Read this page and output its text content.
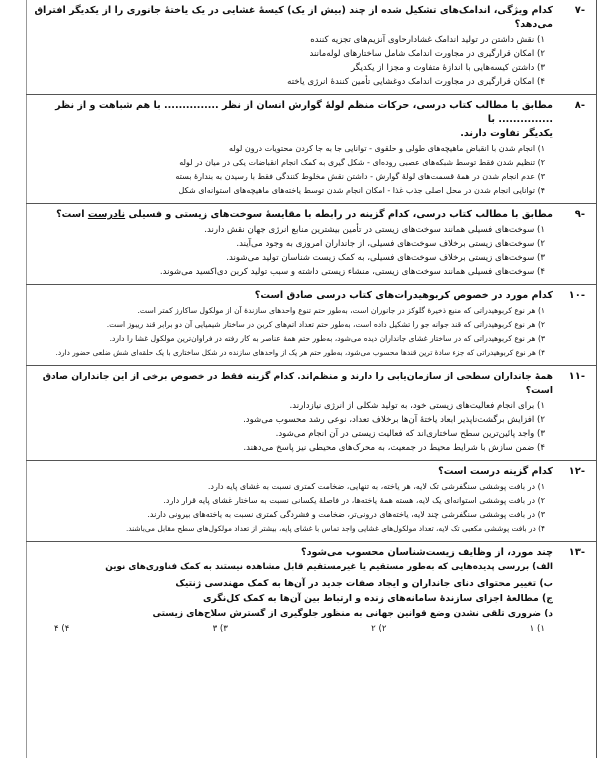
-۷
کدام ویژگی، اندامک‌های تشکیل شده از چند (بیش از یک) کیسهٔ غشایی در یک یاختهٔ جانوری را از یکدیگر افتراق می‌دهد؟
۱) نقش داشتن در تولید اندامک غشادارحاوی آنزیم‌های تجزیه کننده
۲) امکان قرارگیری در مجاورت اندامک شامل ساختارهای لوله‌مانند
۳) داشتن کیسه‌هایی با اندازهٔ متفاوت و مجزا از یکدیگر
۴) امکان قرارگیری در مجاورت اندامک دوغشایی تأمین کنندهٔ انرژی یاخته
-۸
مطابق با مطالب کتاب درسی، حرکات منظم لولهٔ گوارش انسان از نظر ............... با هم شباهت و از نظر ............... با
یکدیگر تفاوت دارند.
۱) انجام شدن با انقباض ماهیچه‌های طولی و حلقوی - توانایی جا به جا کردن محتویات درون لوله
۲) تنظیم شدن فقط توسط شبکه‌های عصبی روده‌ای - شکل گیری به کمک انجام انقباضات یکی در میان در لوله
۳) عدم انجام شدن در همهٔ قسمت‌های لولهٔ گوارش - داشتن نقش مخلوط کنندگی فقط با رسیدن به بندارهٔ بسته
۴) توانایی انجام شدن در محل اصلی جذب غذا - امکان انجام شدن توسط یاخته‌های ماهیچه‌های استوانه‌ای شکل
-۹
مطابق با مطالب کتاب درسی، کدام گزینه در رابطه با مقایسهٔ سوخت‌های زیستی و فسیلی نادرست است؟
۱) سوخت‌های فسیلی همانند سوخت‌های زیستی در تأمین بیشترین منابع انرژی جهان نقش دارند.
۲) سوخت‌های زیستی برخلاف سوخت‌های فسیلی، از جانداران امروزی به وجود می‌آیند.
۳) سوخت‌های زیستی برخلاف سوخت‌های فسیلی، به کمک زیست شناسان تولید می‌شوند.
۴) سوخت‌های فسیلی همانند سوخت‌های زیستی، منشاء زیستی داشته و سبب تولید کربن دی‌اکسید می‌شوند.
-۱۰
کدام مورد در خصوص کربوهیدرات‌های کتاب درسی صادق است؟
۱) هر نوع کربوهیدراتی که منبع ذخیرهٔ گلوکز در جانوران است، به‌طور حتم تنوع واحدهای سازندهٔ آن از مولکول ساکارز کمتر است.
۲) هر نوع کربوهیدراتی که قند جوانه جو را تشکیل داده است، به‌طور حتم تعداد اتم‌های کربن در ساختار شیمیایی آن دو برابر قند ریبوز است.
۳) هر نوع کربوهیدراتی که در ساختار غشای جانداران دیده می‌شود، به‌طور حتم همهٔ عناصر به کار رفته در فراوان‌ترین مولکول غشا را دارد.
۴) هر نوع کربوهیدراتی که جزء سادهٔ ترین قندها محسوب می‌شود، به‌طور حتم هر یک از واحدهای سازنده در شکل ساختاری با یک حلقه‌ای شش ضلعی حضور دارد.
-۱۱
همهٔ جانداران سطحی از سازمان‌یابی را دارند و منظم‌اند. کدام گزینه فقط در خصوص برخی از این جانداران صادق است؟
۱) برای انجام فعالیت‌های زیستی خود، به تولید شکلی از انرژی نیازدارند.
۲) افزایش برگشت‌ناپذیر ابعاد یاختهٔ آن‌ها برخلاف تعداد، نوعی رشد محسوب می‌شود.
۳) واجد پائین‌ترین سطح ساختاری‌اند که فعالیت زیستی در آن انجام می‌شود.
۴) ضمن سازش با شرایط محیط در جمعیت، به محرک‌های محیطی نیز پاسخ می‌دهند.
-۱۲
کدام گزینه درست است؟
۱) در بافت پوششی سنگفرشی تک لایه، هر یاخته، به تنهایی، ضخامت کمتری نسبت به غشای پایه دارد.
۲) در بافت پوششی استوانه‌ای یک لایه، هسته همهٔ یاخته‌ها، در فاصلهٔ یکسانی نسبت به ساختار غشای پایه قرار دارد.
۳) در بافت پوششی سنگفرشی چند لایه، یاخته‌های درونی‌تر، ضخامت و فشردگی کمتری نسبت به یاخته‌های بیرونی دارند.
۴) در بافت پوششی مکعبی تک لایه، تعداد مولکول‌های غشایی واجد تماس با غشای پایه، بیشتر از تعداد مولکول‌های سطح مقابل می‌باشند.
-۱۳
چند مورد، از وظایف زیست‌شناسان محسوب می‌شود؟
الف) بررسی پدیده‌هایی که به‌طور مستقیم یا غیرمستقیم قابل مشاهده نیستند به کمک فناوری‌های نوین
ب) تغییر محتوای دنای جانداران و ایجاد صفات جدید در آن‌ها به کمک مهندسی ژنتیک
ج) مطالعهٔ اجزای سازندهٔ سامانه‌های زنده و ارتباط بین آن‌ها به کمک کل‌نگری
د) ضروری تلقی نشدن وضع قوانین جهانی به منظور جلوگیری از گسترش سلاح‌های زیستی
۱) ۱
۲) ۲
۳) ۳
۴) ۴
